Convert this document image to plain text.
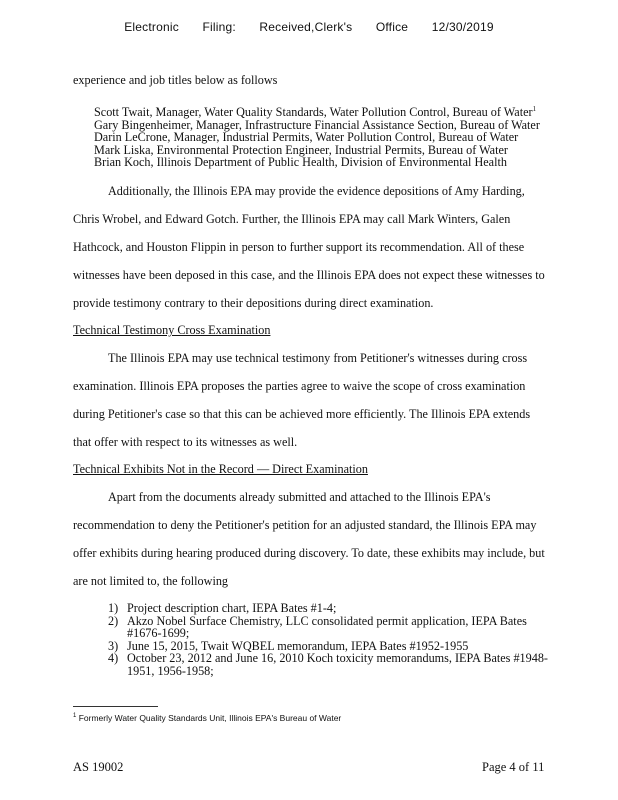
Electronic Filing: Received,Clerk's Office 12/30/2019
experience and job titles below as follows
Scott Twait, Manager, Water Quality Standards, Water Pollution Control, Bureau of Water$^1$
Gary Bingenheimer, Manager, Infrastructure Financial Assistance Section, Bureau of Water
Darin LeCrone, Manager, Industrial Permits, Water Pollution Control, Bureau of Water
Mark Liska, Environmental Protection Engineer, Industrial Permits, Bureau of Water
Brian Koch, Illinois Department of Public Health, Division of Environmental Health
Additionally, the Illinois EPA may provide the evidence depositions of Amy Harding,
Chris Wrobel, and Edward Gotch. Further, the Illinois EPA may call Mark Winters, Galen
Hathcock, and Houston Flippin in person to further support its recommendation. All of these
witnesses have been deposed in this case, and the Illinois EPA does not expect these witnesses to
provide testimony contrary to their depositions during direct examination.
Technical Testimony Cross Examination
The Illinois EPA may use technical testimony from Petitioner's witnesses during cross
examination. Illinois EPA proposes the parties agree to waive the scope of cross examination
during Petitioner's case so that this can be achieved more efficiently. The Illinois EPA extends
that offer with respect to its witnesses as well.
Technical Exhibits Not in the Record — Direct Examination
Apart from the documents already submitted and attached to the Illinois EPA's
recommendation to deny the Petitioner's petition for an adjusted standard, the Illinois EPA may
offer exhibits during hearing produced during discovery. To date, these exhibits may include, but
are not limited to, the following
1) Project description chart, IEPA Bates #1-4;
2) Akzo Nobel Surface Chemistry, LLC consolidated permit application, IEPA Bates
#1676-1699;
3) June 15, 2015, Twait WQBEL memorandum, IEPA Bates #1952-1955
4) October 23, 2012 and June 16, 2010 Koch toxicity memorandums, IEPA Bates #1948-
1951, 1956-1958;
$^1$ Formerly Water Quality Standards Unit, Illinois EPA's Bureau of Water
AS 19002	Page 4 of 11
